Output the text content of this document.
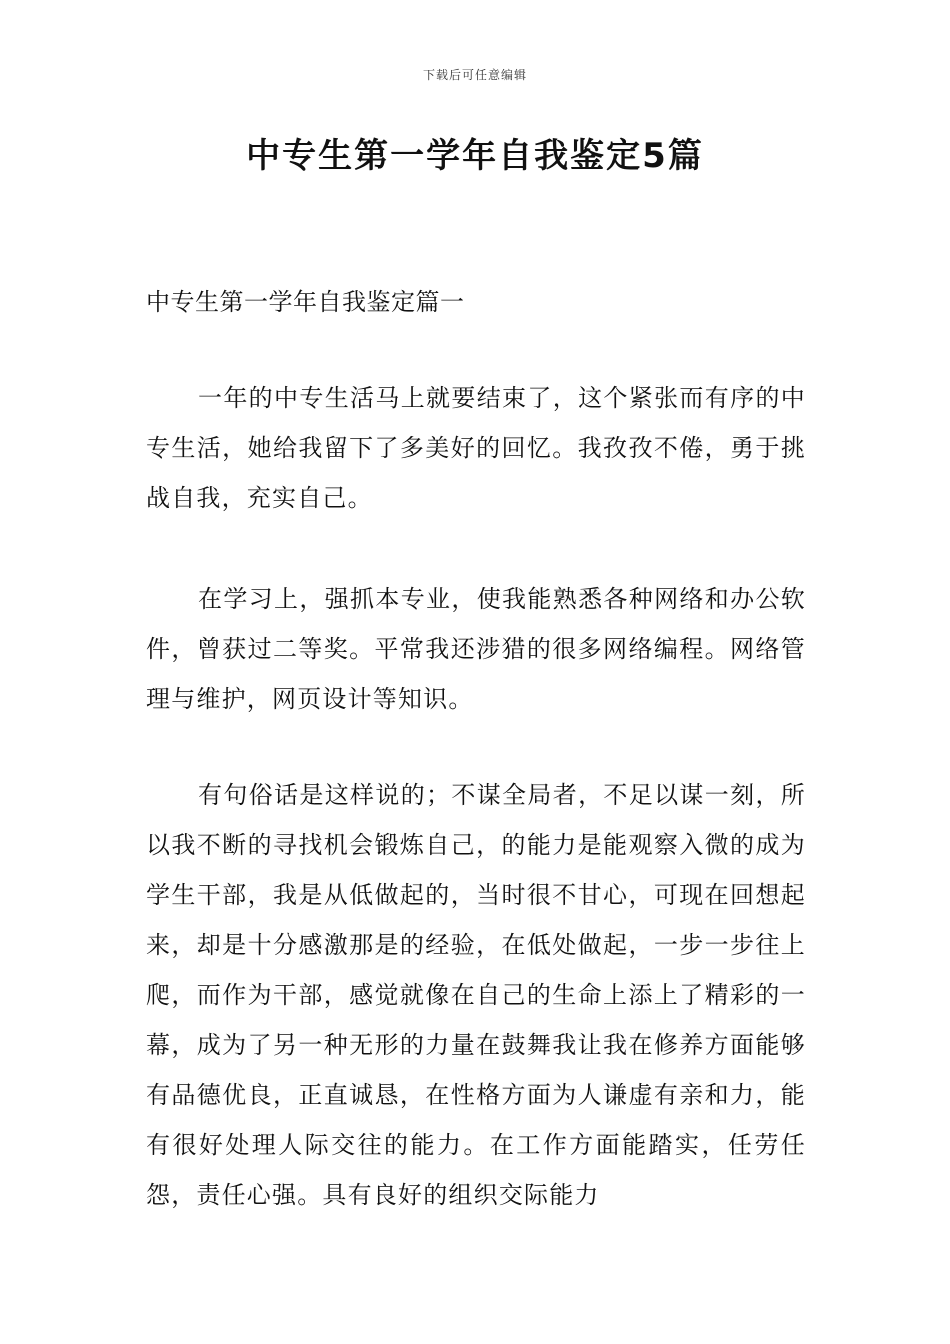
下载后可任意编辑
中专生第一学年自我鉴定5篇
中专生第一学年自我鉴定篇一

一年的中专生活马上就要结束了，这个紧张而有序的中专生活，她给我留下了多美好的回忆。我孜孜不倦，勇于挑战自我，充实自己。

在学习上，强抓本专业，使我能熟悉各种网络和办公软件，曾获过二等奖。平常我还涉猎的很多网络编程。网络管理与维护，网页设计等知识。

有句俗话是这样说的；不谋全局者，不足以谋一刻，所以我不断的寻找机会锻炼自己，的能力是能观察入微的成为学生干部，我是从低做起的，当时很不甘心，可现在回想起来，却是十分感激那是的经验，在低处做起，一步一步往上爬，而作为干部，感觉就像在自己的生命上添上了精彩的一幕，成为了另一种无形的力量在鼓舞我让我在修养方面能够有品德优良，正直诚恳，在性格方面为人谦虚有亲和力，能有很好处理人际交往的能力。在工作方面能踏实，任劳任怨，责任心强。具有良好的组织交际能力
